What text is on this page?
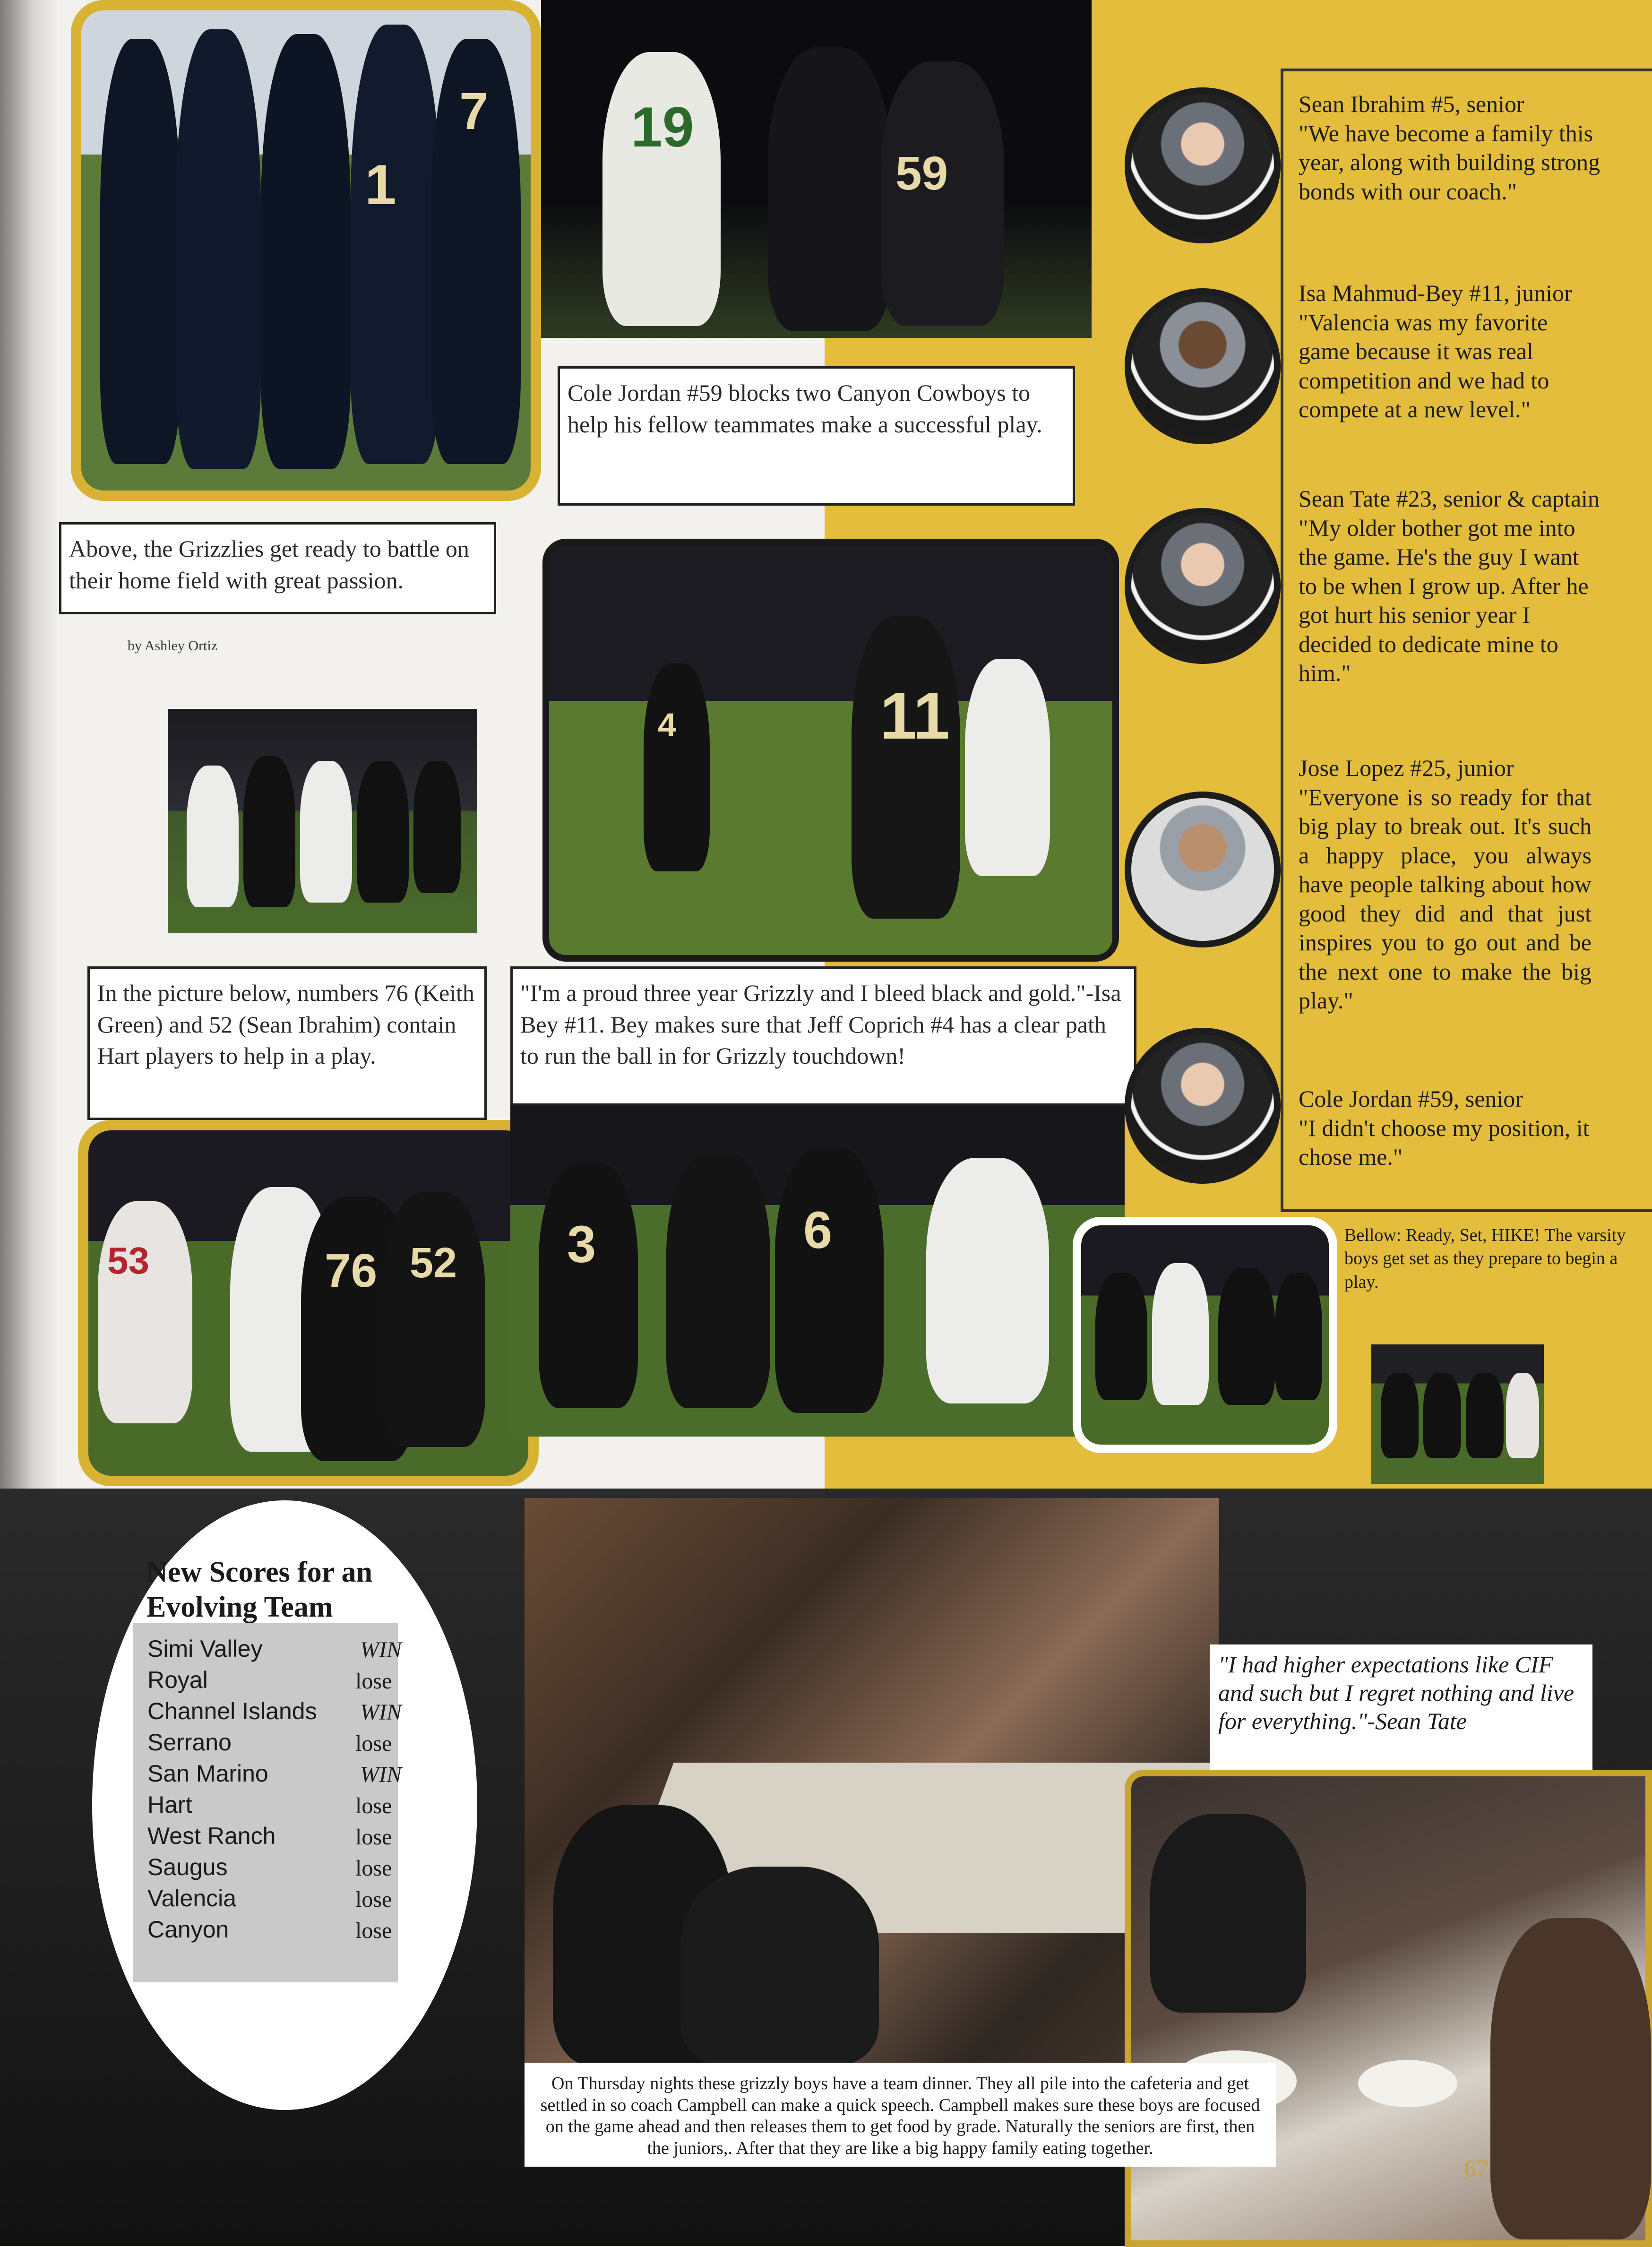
7
1
19
59
Cole Jordan #59 blocks two Canyon Cowboys to help his fellow teammates make a successful play.
Above, the Grizzlies get ready to battle on their home field with great passion.
by Ashley Ortiz
11
4
In the picture below, numbers 76 (Keith Green) and 52 (Sean Ibrahim) contain Hart players to help in a play.
"I'm a proud three year Grizzly and I bleed black and gold."-Isa Bey #11. Bey makes sure that Jeff Coprich #4 has a clear path to run the ball in for Grizzly touchdown!
76 52
53	3	6	Bellow: Ready, Set, HIKE! The varsity boys get set as they prepare to begin a play.
Sean Ibrahim #5, senior
"We have become a family this year, along with building strong bonds with our coach."
Isa Mahmud-Bey #11, junior
"Valencia was my favorite game because it was real competition and we had to compete at a new level."
Sean Tate #23, senior & captain
"My older bother got me into the game. He's the guy I want to be when I grow up. After he got hurt his senior year I decided to dedicate mine to him."
Jose Lopez #25, junior
"Everyone is so ready for that big play to break out. It's such a happy place, you always have people talking about how good they did and that just inspires you to go out and be the next one to make the big play."
Cole Jordan #59, senior
"I didn't choose my position, it chose me."
New Scores for an Evolving Team
Simi Valley	WIN
Royal	lose
Channel Islands WIN
Serrano	lose
San Marino	WIN
Hart	lose
West Ranch	lose
Saugus	lose
Valencia	lose
Canyon	lose
"I had higher expectations like CIF and such but I regret nothing and live for everything."-Sean Tate
On Thursday nights these grizzly boys have a team dinner. They all pile into the cafeteria and get settled in so coach Campbell can make a quick speech. Campbell makes sure these boys are focused on the game ahead and then releases them to get food by grade. Naturally the seniors are first, then the juniors,. After that they are like a big happy family eating together.
67
